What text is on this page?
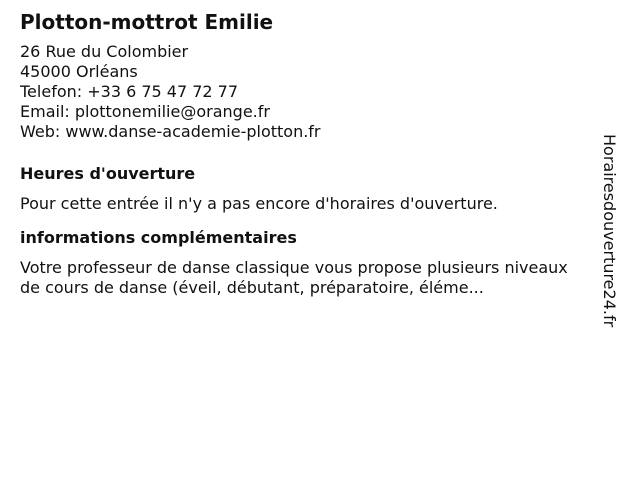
Plotton-mottrot Emilie

26 Rue du Colombier

45000 Orléans

Telefon: +33 6 75 47 72 77

Email: plottonemilie@orange.fr

Web: www.danse-academie-plotton.fr

Heures d'ouverture

Pour cette entrée il n'y a pas encore d'horaires d'ouverture.

informations complémentaires

Votre professeur de danse classique vous propose plusieurs niveaux de cours de danse (éveil, débutant, préparatoire, éléme...	Horairesdouverture24.fr
